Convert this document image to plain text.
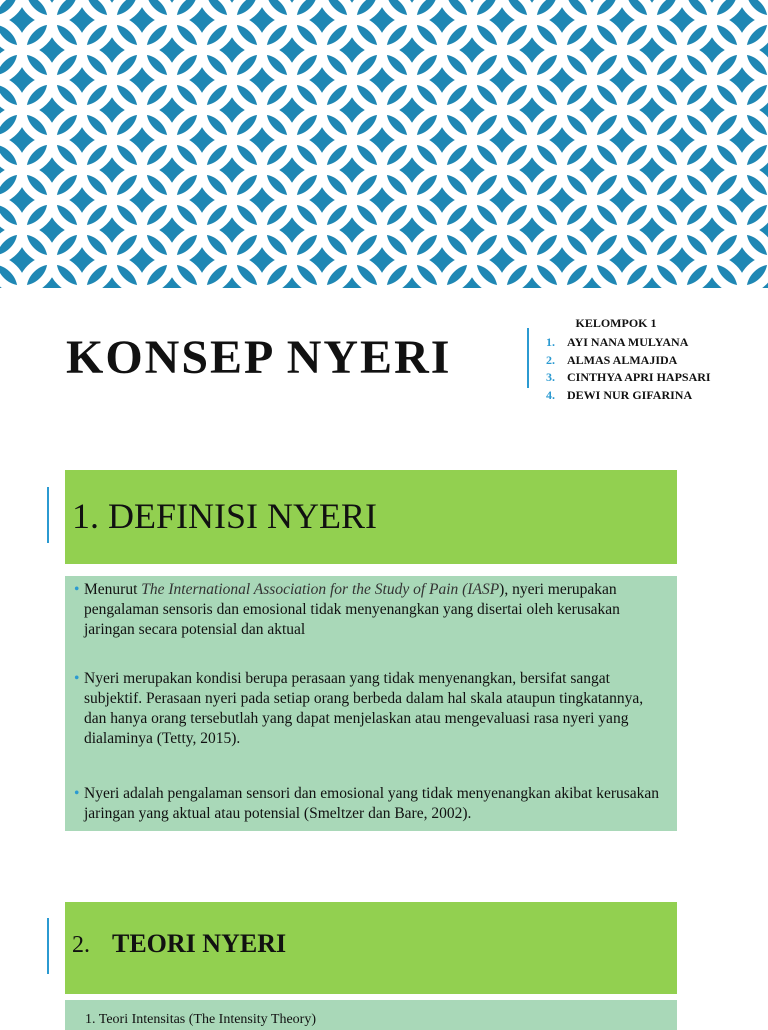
KONSEP NYERI
KELOMPOK 1
1. AYI NANA MULYANA
2. ALMAS ALMAJIDA
3. CINTHYA APRI HAPSARI
4. DEWI NUR GIFARINA
1. DEFINISI NYERI
• Menurut The International Association for the Study of Pain (IASP), nyeri merupakan pengalaman sensoris dan emosional tidak menyenangkan yang disertai oleh kerusakan jaringan secara potensial dan aktual
• Nyeri merupakan kondisi berupa perasaan yang tidak menyenangkan, bersifat sangat subjektif. Perasaan nyeri pada setiap orang berbeda dalam hal skala ataupun tingkatannya, dan hanya orang tersebutlah yang dapat menjelaskan atau mengevaluasi rasa nyeri yang dialaminya (Tetty, 2015).
• Nyeri adalah pengalaman sensori dan emosional yang tidak menyenangkan akibat kerusakan jaringan yang aktual atau potensial (Smeltzer dan Bare, 2002).
2. TEORI NYERI
1. Teori Intensitas (The Intensity Theory)
